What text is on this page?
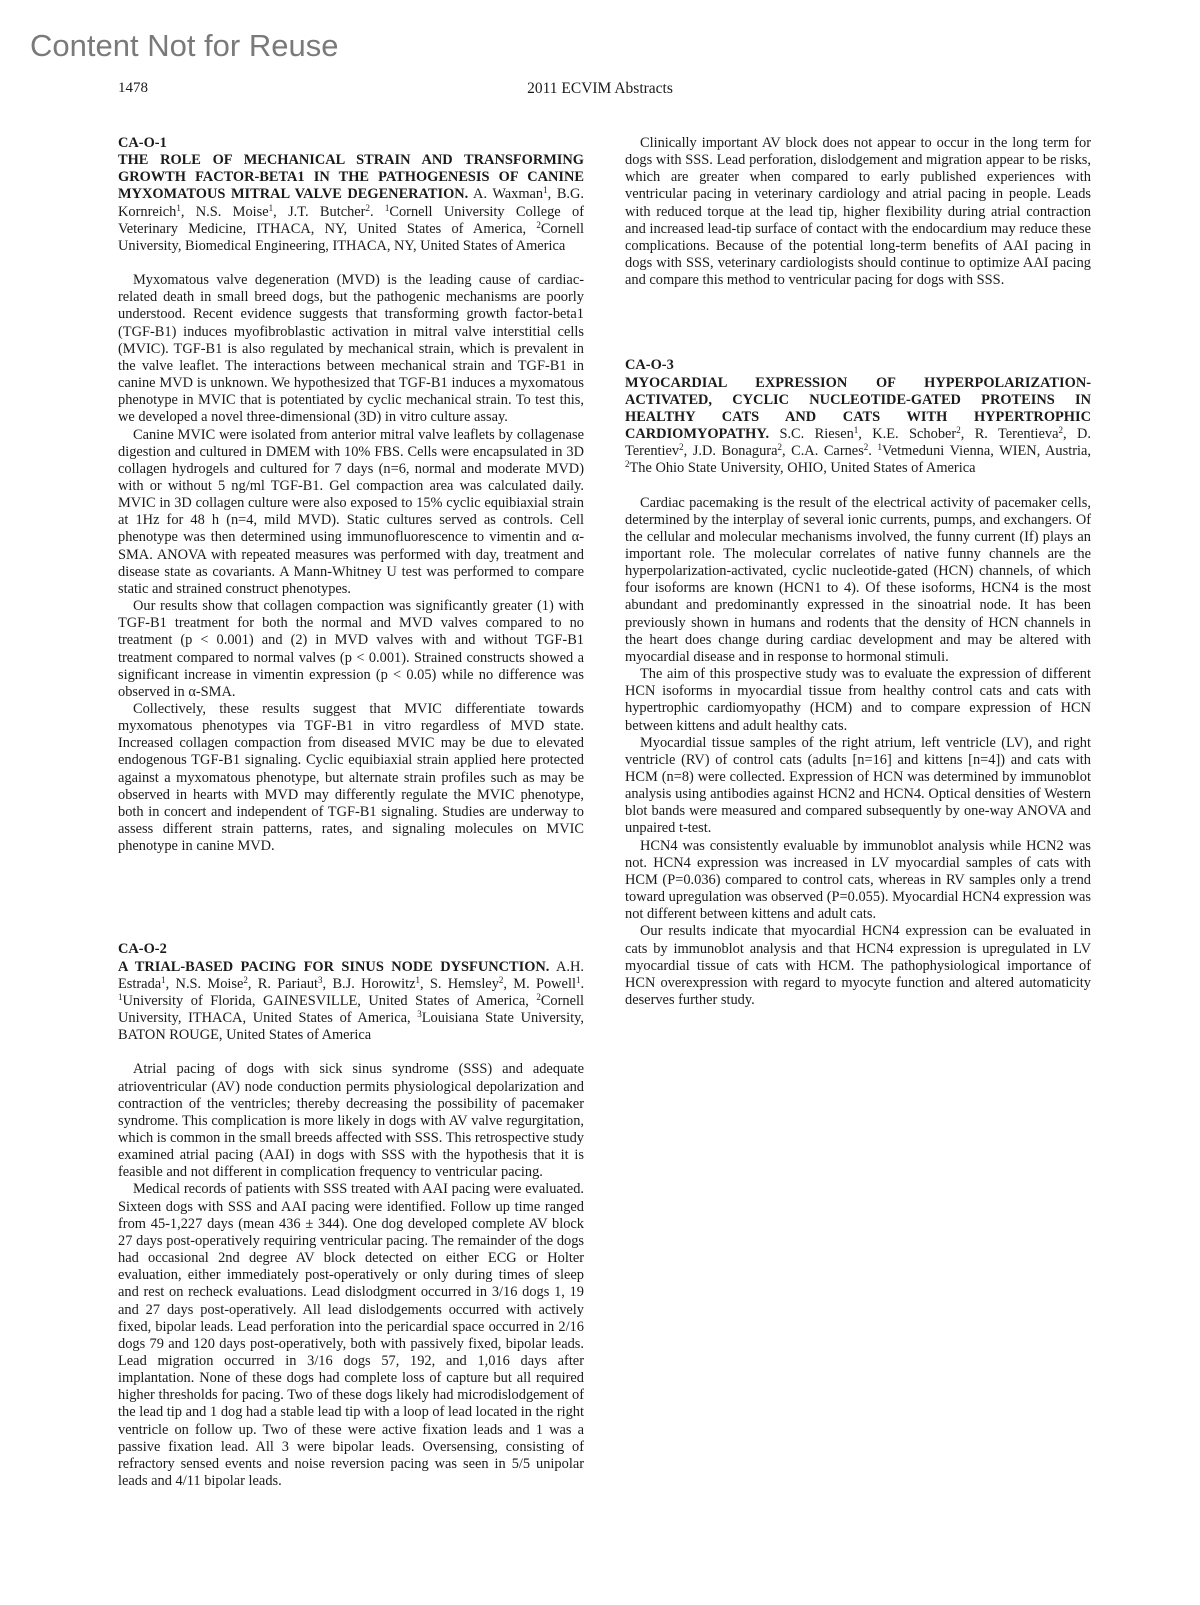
Content Not for Reuse
1478	2011 ECVIM Abstracts
CA-O-1

THE ROLE OF MECHANICAL STRAIN AND TRANSFORMING GROWTH FACTOR-BETA1 IN THE PATHOGENESIS OF CANINE MYXOMATOUS MITRAL VALVE DEGENERATION. A. Waxman$^1$, B.G. Kornreich$^1$, N.S. Moise$^1$, J.T. Butcher$^2$. $^1$Cornell University College of Veterinary Medicine, ITHACA, NY, United States of America, $^2$Cornell University, Biomedical Engineering, ITHACA, NY, United States of America

Myxomatous valve degeneration (MVD) is the leading cause of cardiac-related death in small breed dogs, but the pathogenic mechanisms are poorly understood. Recent evidence suggests that transforming growth factor-beta1 (TGF-B1) induces myofibroblastic activation in mitral valve interstitial cells (MVIC). TGF-B1 is also regulated by mechanical strain, which is prevalent in the valve leaflet. The interactions between mechanical strain and TGF-B1 in canine MVD is unknown. We hypothesized that TGF-B1 induces a myxomatous phenotype in MVIC that is potentiated by cyclic mechanical strain. To test this, we developed a novel three-dimensional (3D) in vitro culture assay.

Canine MVIC were isolated from anterior mitral valve leaflets by collagenase digestion and cultured in DMEM with 10% FBS. Cells were encapsulated in 3D collagen hydrogels and cultured for 7 days (n=6, normal and moderate MVD) with or without 5 ng/ml TGF-B1. Gel compaction area was calculated daily. MVIC in 3D collagen culture were also exposed to 15% cyclic equibiaxial strain at 1Hz for 48 h (n=4, mild MVD). Static cultures served as controls. Cell phenotype was then determined using immunofluorescence to vimentin and α-SMA. ANOVA with repeated measures was performed with day, treatment and disease state as covariants. A Mann-Whitney U test was performed to compare static and strained construct phenotypes.

Our results show that collagen compaction was significantly greater (1) with TGF-B1 treatment for both the normal and MVD valves compared to no treatment (p < 0.001) and (2) in MVD valves with and without TGF-B1 treatment compared to normal valves (p < 0.001). Strained constructs showed a significant increase in vimentin expression (p < 0.05) while no difference was observed in α-SMA.

Collectively, these results suggest that MVIC differentiate towards myxomatous phenotypes via TGF-B1 in vitro regardless of MVD state. Increased collagen compaction from diseased MVIC may be due to elevated endogenous TGF-B1 signaling. Cyclic equibiaxial strain applied here protected against a myxomatous phenotype, but alternate strain profiles such as may be observed in hearts with MVD may differently regulate the MVIC phenotype, both in concert and independent of TGF-B1 signaling. Studies are underway to assess different strain patterns, rates, and signaling molecules on MVIC phenotype in canine MVD.

CA-O-2

A TRIAL-BASED PACING FOR SINUS NODE DYSFUNCTION. A.H. Estrada$^1$, N.S. Moise$^2$, R. Pariaut$^3$, B.J. Horowitz$^1$, S. Hemsley$^2$, M. Powell$^1$. $^1$University of Florida, GAINESVILLE, United States of America, $^2$Cornell University, ITHACA, United States of America, $^3$Louisiana State University, BATON ROUGE, United States of America

Atrial pacing of dogs with sick sinus syndrome (SSS) and adequate atrioventricular (AV) node conduction permits physiological depolarization and contraction of the ventricles; thereby decreasing the possibility of pacemaker syndrome. This complication is more likely in dogs with AV valve regurgitation, which is common in the small breeds affected with SSS. This retrospective study examined atrial pacing (AAI) in dogs with SSS with the hypothesis that it is feasible and not different in complication frequency to ventricular pacing.

Medical records of patients with SSS treated with AAI pacing were evaluated. Sixteen dogs with SSS and AAI pacing were identified. Follow up time ranged from 45-1,227 days (mean 436 ± 344). One dog developed complete AV block 27 days post-operatively requiring ventricular pacing. The remainder of the dogs had occasional 2nd degree AV block detected on either ECG or Holter evaluation, either immediately post-operatively or only during times of sleep and rest on recheck evaluations. Lead dislodgment occurred in 3/16 dogs 1, 19 and 27 days post-operatively. All lead dislodgements occurred with actively fixed, bipolar leads. Lead perforation into the pericardial space occurred in 2/16 dogs 79 and 120 days post-operatively, both with passively fixed, bipolar leads. Lead migration occurred in 3/16 dogs 57, 192, and 1,016 days after implantation. None of these dogs had complete loss of capture but all required higher thresholds for pacing. Two of these dogs likely had microdislodgement of the lead tip and 1 dog had a stable lead tip with a loop of lead located in the right ventricle on follow up. Two of these were active fixation leads and 1 was a passive fixation lead. All 3 were bipolar leads. Oversensing, consisting of refractory sensed events and noise reversion pacing was seen in 5/5 unipolar leads and 4/11 bipolar leads.

Clinically important AV block does not appear to occur in the long term for dogs with SSS. Lead perforation, dislodgement and migration appear to be risks, which are greater when compared to early published experiences with ventricular pacing in veterinary cardiology and atrial pacing in people. Leads with reduced torque at the lead tip, higher flexibility during atrial contraction and increased lead-tip surface of contact with the endocardium may reduce these complications. Because of the potential long-term benefits of AAI pacing in dogs with SSS, veterinary cardiologists should continue to optimize AAI pacing and compare this method to ventricular pacing for dogs with SSS.

CA-O-3

MYOCARDIAL EXPRESSION OF HYPERPOLARIZATION-ACTIVATED, CYCLIC NUCLEOTIDE-GATED PROTEINS IN HEALTHY CATS AND CATS WITH HYPERTROPHIC CARDIOMYOPATHY. S.C. Riesen$^1$, K.E. Schober$^2$, R. Terentieva$^2$, D. Terentiev$^2$, J.D. Bonagura$^2$, C.A. Carnes$^2$. $^1$Vetmeduni Vienna, WIEN, Austria, $^2$The Ohio State University, OHIO, United States of America

Cardiac pacemaking is the result of the electrical activity of pacemaker cells, determined by the interplay of several ionic currents, pumps, and exchangers. Of the cellular and molecular mechanisms involved, the funny current (If) plays an important role. The molecular correlates of native funny channels are the hyperpolarization-activated, cyclic nucleotide-gated (HCN) channels, of which four isoforms are known (HCN1 to 4). Of these isoforms, HCN4 is the most abundant and predominantly expressed in the sinoatrial node. It has been previously shown in humans and rodents that the density of HCN channels in the heart does change during cardiac development and may be altered with myocardial disease and in response to hormonal stimuli.

The aim of this prospective study was to evaluate the expression of different HCN isoforms in myocardial tissue from healthy control cats and cats with hypertrophic cardiomyopathy (HCM) and to compare expression of HCN between kittens and adult healthy cats.

Myocardial tissue samples of the right atrium, left ventricle (LV), and right ventricle (RV) of control cats (adults [n=16] and kittens [n=4]) and cats with HCM (n=8) were collected. Expression of HCN was determined by immunoblot analysis using antibodies against HCN2 and HCN4. Optical densities of Western blot bands were measured and compared subsequently by one-way ANOVA and unpaired t-test.

HCN4 was consistently evaluable by immunoblot analysis while HCN2 was not. HCN4 expression was increased in LV myocardial samples of cats with HCM (P=0.036) compared to control cats, whereas in RV samples only a trend toward upregulation was observed (P=0.055). Myocardial HCN4 expression was not different between kittens and adult cats.

Our results indicate that myocardial HCN4 expression can be evaluated in cats by immunoblot analysis and that HCN4 expression is upregulated in LV myocardial tissue of cats with HCM. The pathophysiological importance of HCN overexpression with regard to myocyte function and altered automaticity deserves further study.
